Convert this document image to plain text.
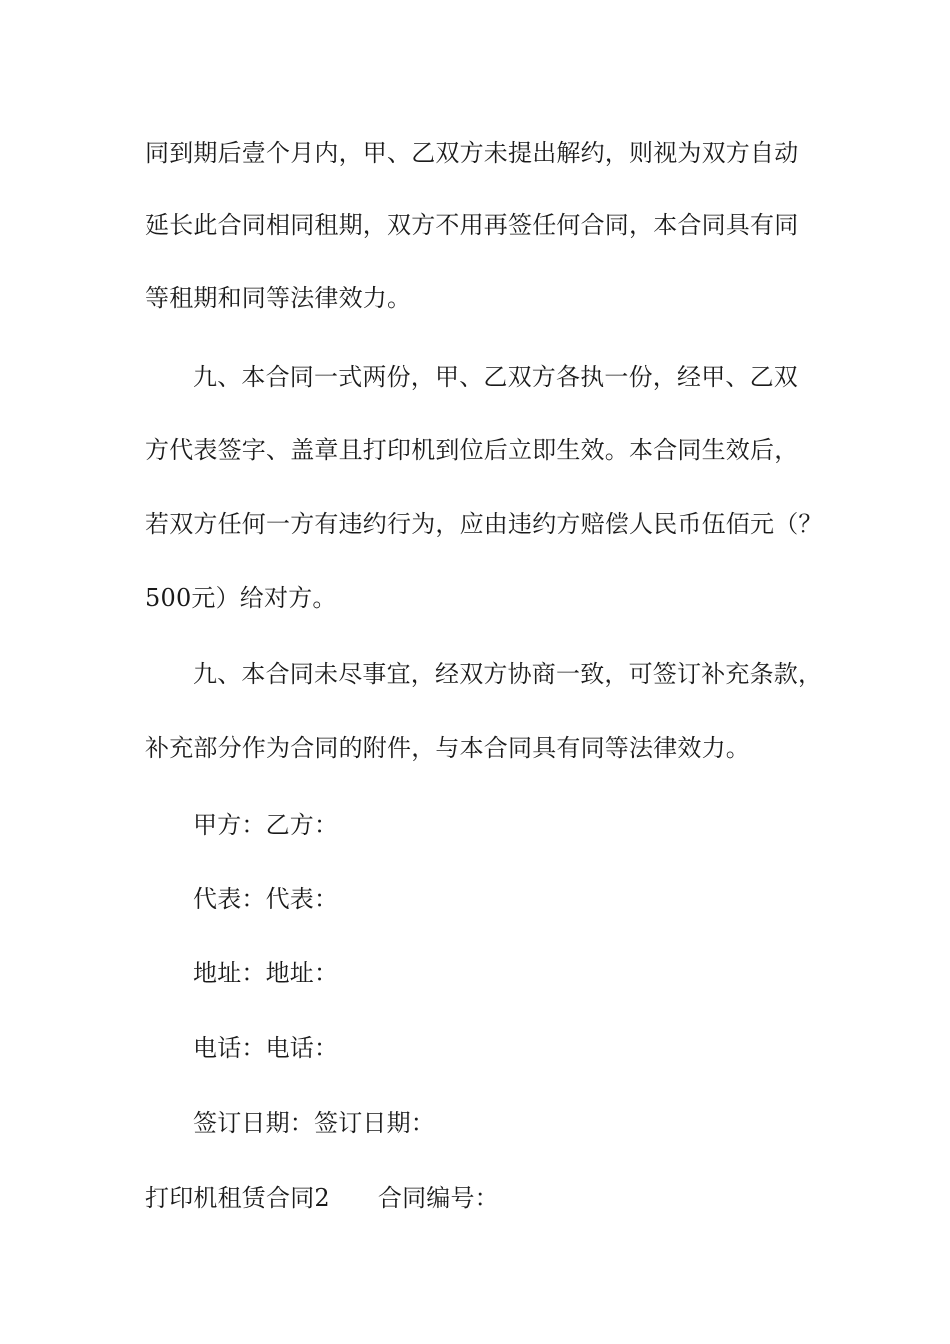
同到期后壹个月内，甲、乙双方未提出解约，则视为双方自动
延长此合同相同租期，双方不用再签任何合同，本合同具有同
等租期和同等法律效力。
九、本合同一式两份，甲、乙双方各执一份，经甲、乙双
方代表签字、盖章且打印机到位后立即生效。本合同生效后，
若双方任何一方有违约行为，应由违约方赔偿人民币伍佰元（？
500元）给对方。
九、本合同未尽事宜，经双方协商一致，可签订补充条款，
补充部分作为合同的附件，与本合同具有同等法律效力。
甲方：乙方：
代表：代表：
地址：地址：
电话：电话：
签订日期：签订日期：
打印机租赁合同2 合同编号：
